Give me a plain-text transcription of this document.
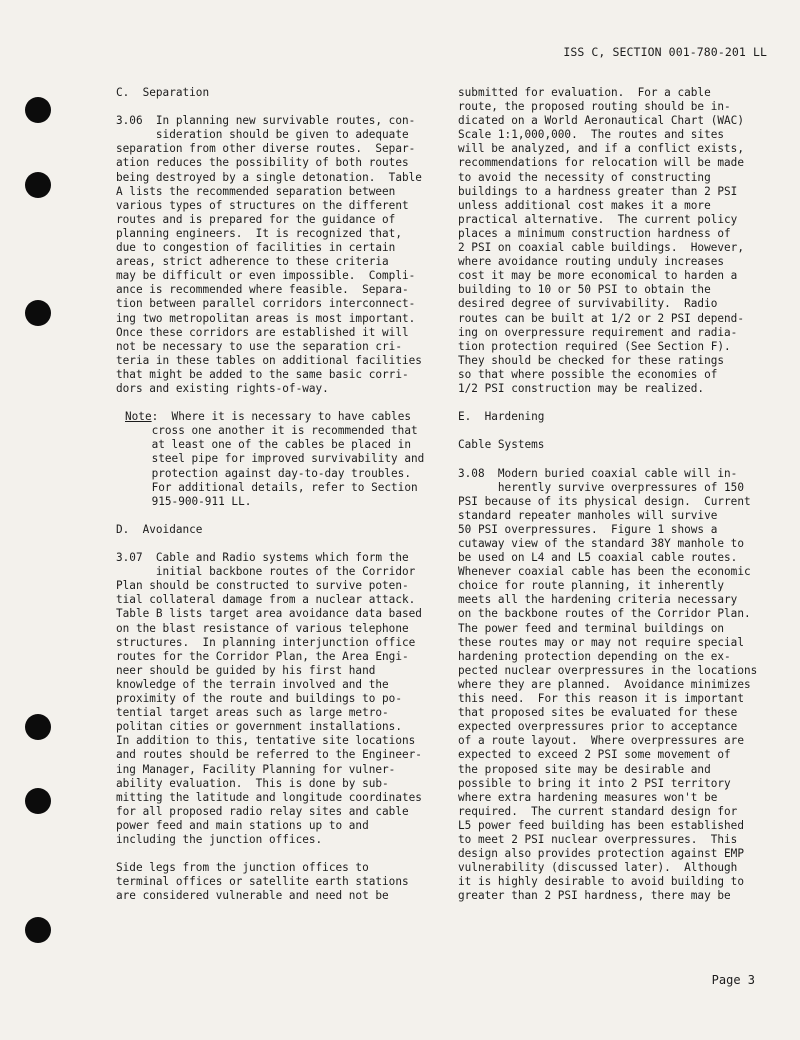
ISS C, SECTION 001-780-201 LL
C.  Separation
3.06  In planning new survivable routes, con-
sideration should be given to adequate
separation from other diverse routes.  Separ-
ation reduces the possibility of both routes
being destroyed by a single detonation.  Table
A lists the recommended separation between
various types of structures on the different
routes and is prepared for the guidance of
planning engineers.  It is recognized that,
due to congestion of facilities in certain
areas, strict adherence to these criteria
may be difficult or even impossible.  Compli-
ance is recommended where feasible.  Separa-
tion between parallel corridors interconnect-
ing two metropolitan areas is most important.
Once these corridors are established it will
not be necessary to use the separation cri-
teria in these tables on additional facilities
that might be added to the same basic corri-
dors and existing rights-of-way.
Note:  Where it is necessary to have cables
cross one another it is recommended that
at least one of the cables be placed in
steel pipe for improved survivability and
protection against day-to-day troubles.
For additional details, refer to Section
915-900-911 LL.
D.  Avoidance
3.07  Cable and Radio systems which form the
initial backbone routes of the Corridor
Plan should be constructed to survive poten-
tial collateral damage from a nuclear attack.
Table B lists target area avoidance data based
on the blast resistance of various telephone
structures.  In planning interjunction office
routes for the Corridor Plan, the Area Engi-
neer should be guided by his first hand
knowledge of the terrain involved and the
proximity of the route and buildings to po-
tential target areas such as large metro-
politan cities or government installations.
In addition to this, tentative site locations
and routes should be referred to the Engineer-
ing Manager, Facility Planning for vulner-
ability evaluation.  This is done by sub-
mitting the latitude and longitude coordinates
for all proposed radio relay sites and cable
power feed and main stations up to and
including the junction offices.
Side legs from the junction offices to
terminal offices or satellite earth stations
are considered vulnerable and need not be
submitted for evaluation.  For a cable
route, the proposed routing should be in-
dicated on a World Aeronautical Chart (WAC)
Scale 1:1,000,000.  The routes and sites
will be analyzed, and if a conflict exists,
recommendations for relocation will be made
to avoid the necessity of constructing
buildings to a hardness greater than 2 PSI
unless additional cost makes it a more
practical alternative.  The current policy
places a minimum construction hardness of
2 PSI on coaxial cable buildings.  However,
where avoidance routing unduly increases
cost it may be more economical to harden a
building to 10 or 50 PSI to obtain the
desired degree of survivability.  Radio
routes can be built at 1/2 or 2 PSI depend-
ing on overpressure requirement and radia-
tion protection required (See Section F).
They should be checked for these ratings
so that where possible the economies of
1/2 PSI construction may be realized.
E.  Hardening
Cable Systems
3.08  Modern buried coaxial cable will in-
herently survive overpressures of 150
PSI because of its physical design.  Current
standard repeater manholes will survive
50 PSI overpressures.  Figure 1 shows a
cutaway view of the standard 38Y manhole to
be used on L4 and L5 coaxial cable routes.
Whenever coaxial cable has been the economic
choice for route planning, it inherently
meets all the hardening criteria necessary
on the backbone routes of the Corridor Plan.
The power feed and terminal buildings on
these routes may or may not require special
hardening protection depending on the ex-
pected nuclear overpressures in the locations
where they are planned.  Avoidance minimizes
this need.  For this reason it is important
that proposed sites be evaluated for these
expected overpressures prior to acceptance
of a route layout.  Where overpressures are
expected to exceed 2 PSI some movement of
the proposed site may be desirable and
possible to bring it into 2 PSI territory
where extra hardening measures won't be
required.  The current standard design for
L5 power feed building has been established
to meet 2 PSI nuclear overpressures.  This
design also provides protection against EMP
vulnerability (discussed later).  Although
it is highly desirable to avoid building to
greater than 2 PSI hardness, there may be
Page 3
